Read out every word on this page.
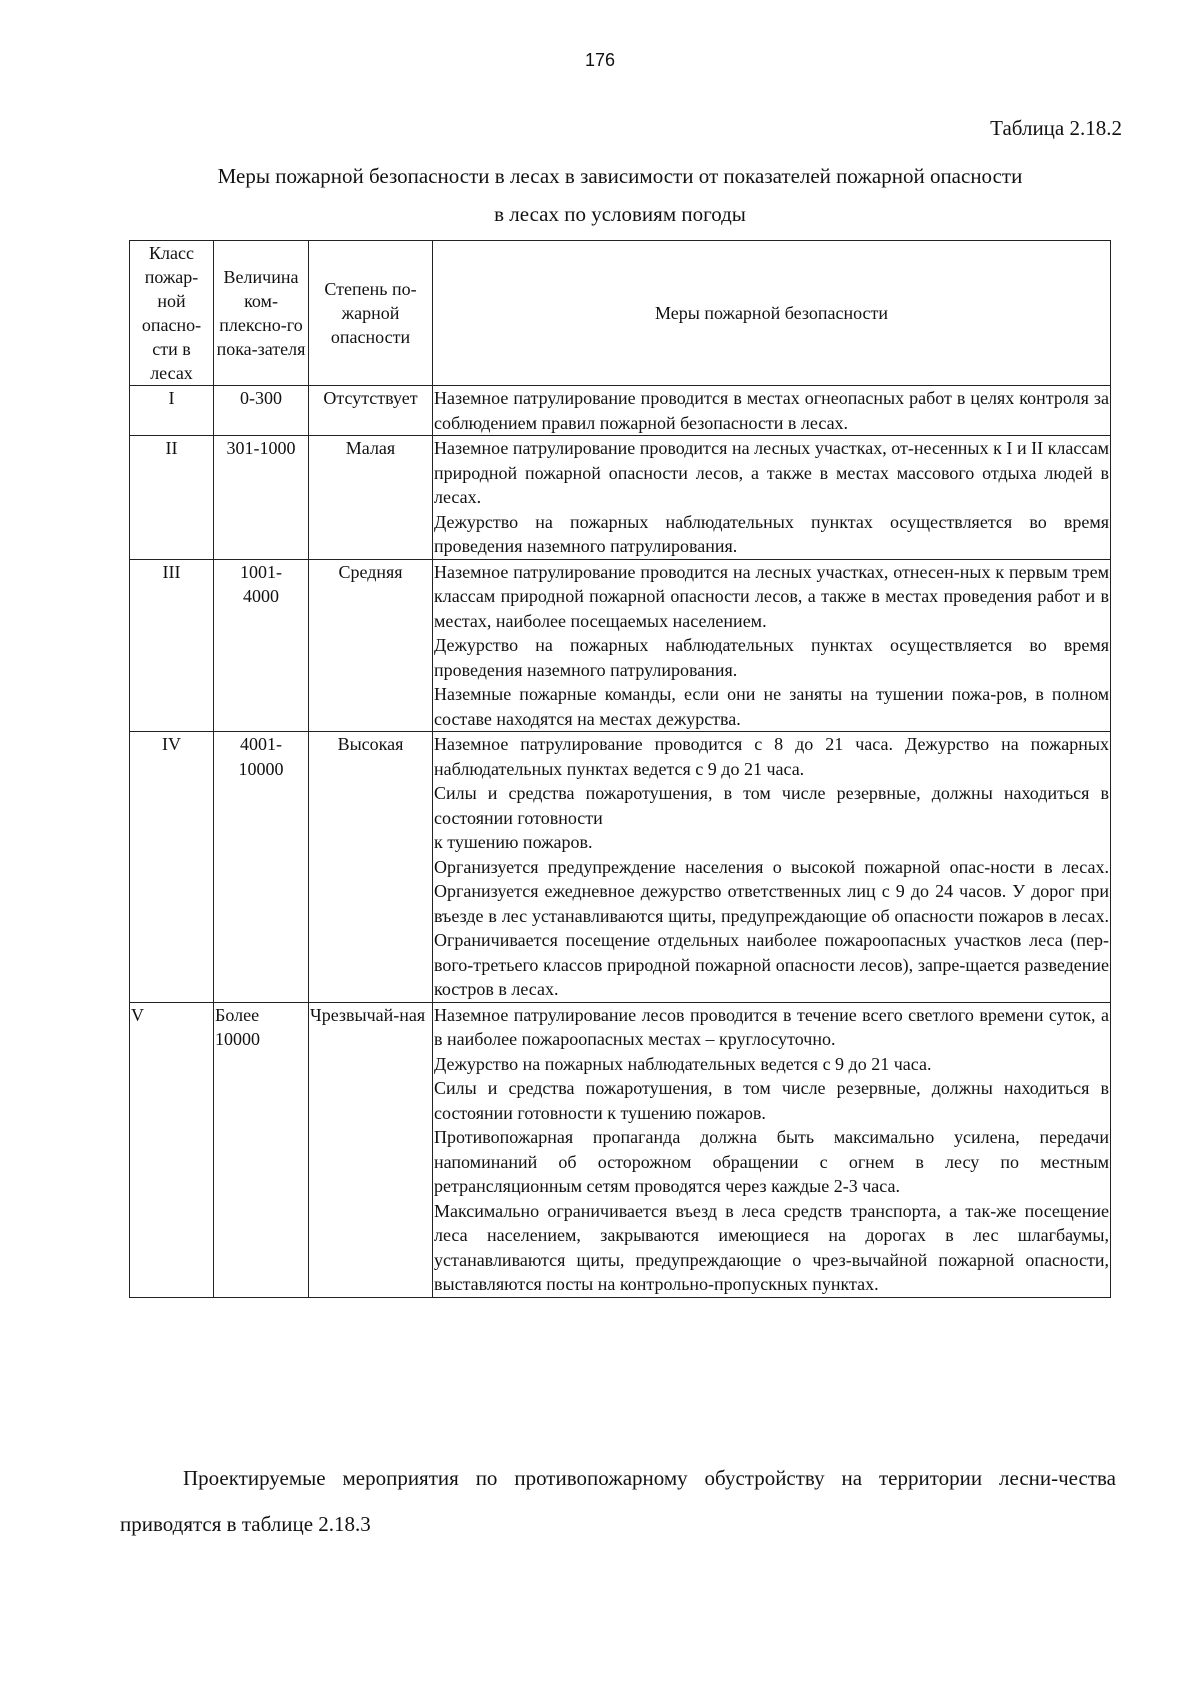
176
Таблица 2.18.2
Меры пожарной безопасности в лесах в зависимости от показателей пожарной опасности
в лесах по условиям погоды
Класс пожар-ной опасно-сти в лесах	Величина ком-плексно-го пока-зателя	Степень по-жарной опасности	Меры пожарной безопасности
I	0-300	Отсутствует	Наземное патрулирование проводится в местах огнеопасных работ в целях контроля за соблюдением правил пожарной безопасности в лесах.

II	301-1000	Малая	Наземное патрулирование проводится на лесных участках, от-несенных к I и II классам природной пожарной опасности лесов, а также в местах массового отдыха людей в лесах.

Дежурство на пожарных наблюдательных пунктах осуществляется во время проведения наземного патрулирования.

III	1001-4000	Средняя	Наземное патрулирование проводится на лесных участках, отнесен-ных к первым трем классам природной пожарной опасности лесов, а также в местах проведения работ и в местах, наиболее посещаемых населением.

Дежурство на пожарных наблюдательных пунктах осуществляется во время проведения наземного патрулирования.

Наземные пожарные команды, если они не заняты на тушении пожа-ров, в полном составе находятся на местах дежурства.

IV	4001-10000	Высокая	Наземное патрулирование проводится с 8 до 21 часа. Дежурство на пожарных наблюдательных пунктах ведется с 9 до 21 часа.

Силы и средства пожаротушения, в том числе резервные, должны находиться в состоянии готовности

к тушению пожаров.

Организуется предупреждение населения о высокой пожарной опас-ности в лесах. Организуется ежедневное дежурство ответственных лиц с 9 до 24 часов. У дорог при въезде в лес устанавливаются щиты, предупреждающие об опасности пожаров в лесах. Ограничивается посещение отдельных наиболее пожароопасных участков леса (пер-вого-третьего классов природной пожарной опасности лесов), запре-щается разведение костров в лесах.

V	Более 10000	Чрезвычай-ная	Наземное патрулирование лесов проводится в течение всего светлого времени суток, а в наиболее пожароопасных местах – круглосуточно.

Дежурство на пожарных наблюдательных ведется с 9 до 21 часа.

Силы и средства пожаротушения, в том числе резервные, должны находиться в состоянии готовности к тушению пожаров.

Противопожарная пропаганда должна быть максимально усилена, передачи напоминаний об осторожном обращении с огнем в лесу по местным ретрансляционным сетям проводятся через каждые 2-3 часа.

Максимально ограничивается въезд в леса средств транспорта, а так-же посещение леса населением, закрываются имеющиеся на дорогах в лес шлагбаумы, устанавливаются щиты, предупреждающие о чрез-вычайной пожарной опасности, выставляются посты на контрольно-пропускных пунктах.

Проектируемые мероприятия по противопожарному обустройству на территории лесни-чества приводятся в таблице 2.18.3
